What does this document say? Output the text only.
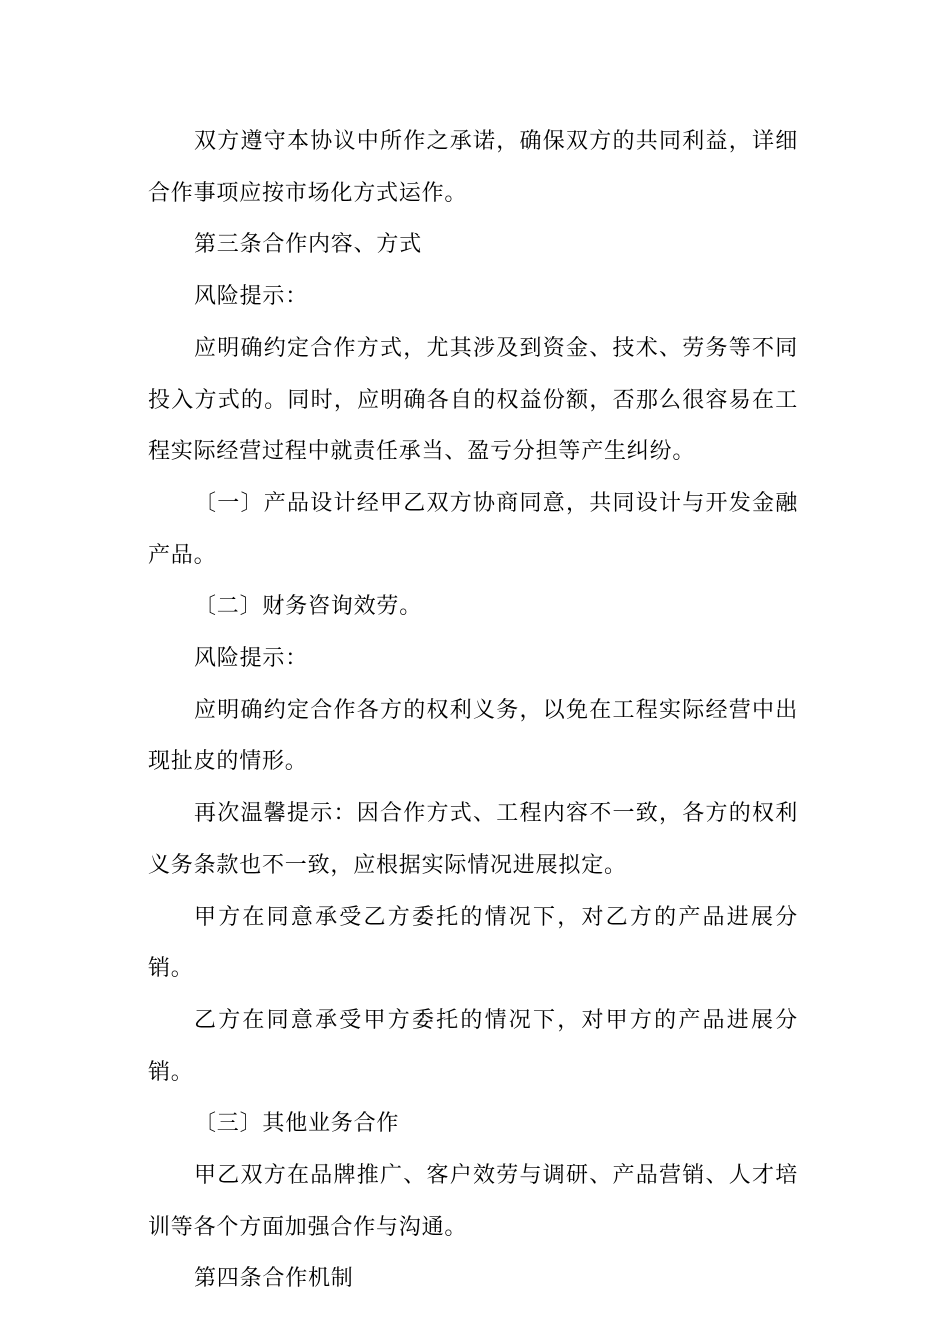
双方遵守本协议中所作之承诺，确保双方的共同利益，详细合作事项应按市场化方式运作。

第三条合作内容、方式

风险提示：

应明确约定合作方式，尤其涉及到资金、技术、劳务等不同投入方式的。同时，应明确各自的权益份额，否那么很容易在工程实际经营过程中就责任承当、盈亏分担等产生纠纷。

〔一〕产品设计经甲乙双方协商同意，共同设计与开发金融产品。

〔二〕财务咨询效劳。

风险提示：

应明确约定合作各方的权利义务，以免在工程实际经营中出现扯皮的情形。

再次温馨提示：因合作方式、工程内容不一致，各方的权利义务条款也不一致，应根据实际情况进展拟定。

甲方在同意承受乙方委托的情况下，对乙方的产品进展分销。

乙方在同意承受甲方委托的情况下，对甲方的产品进展分销。

〔三〕其他业务合作

甲乙双方在品牌推广、客户效劳与调研、产品营销、人才培训等各个方面加强合作与沟通。

第四条合作机制
